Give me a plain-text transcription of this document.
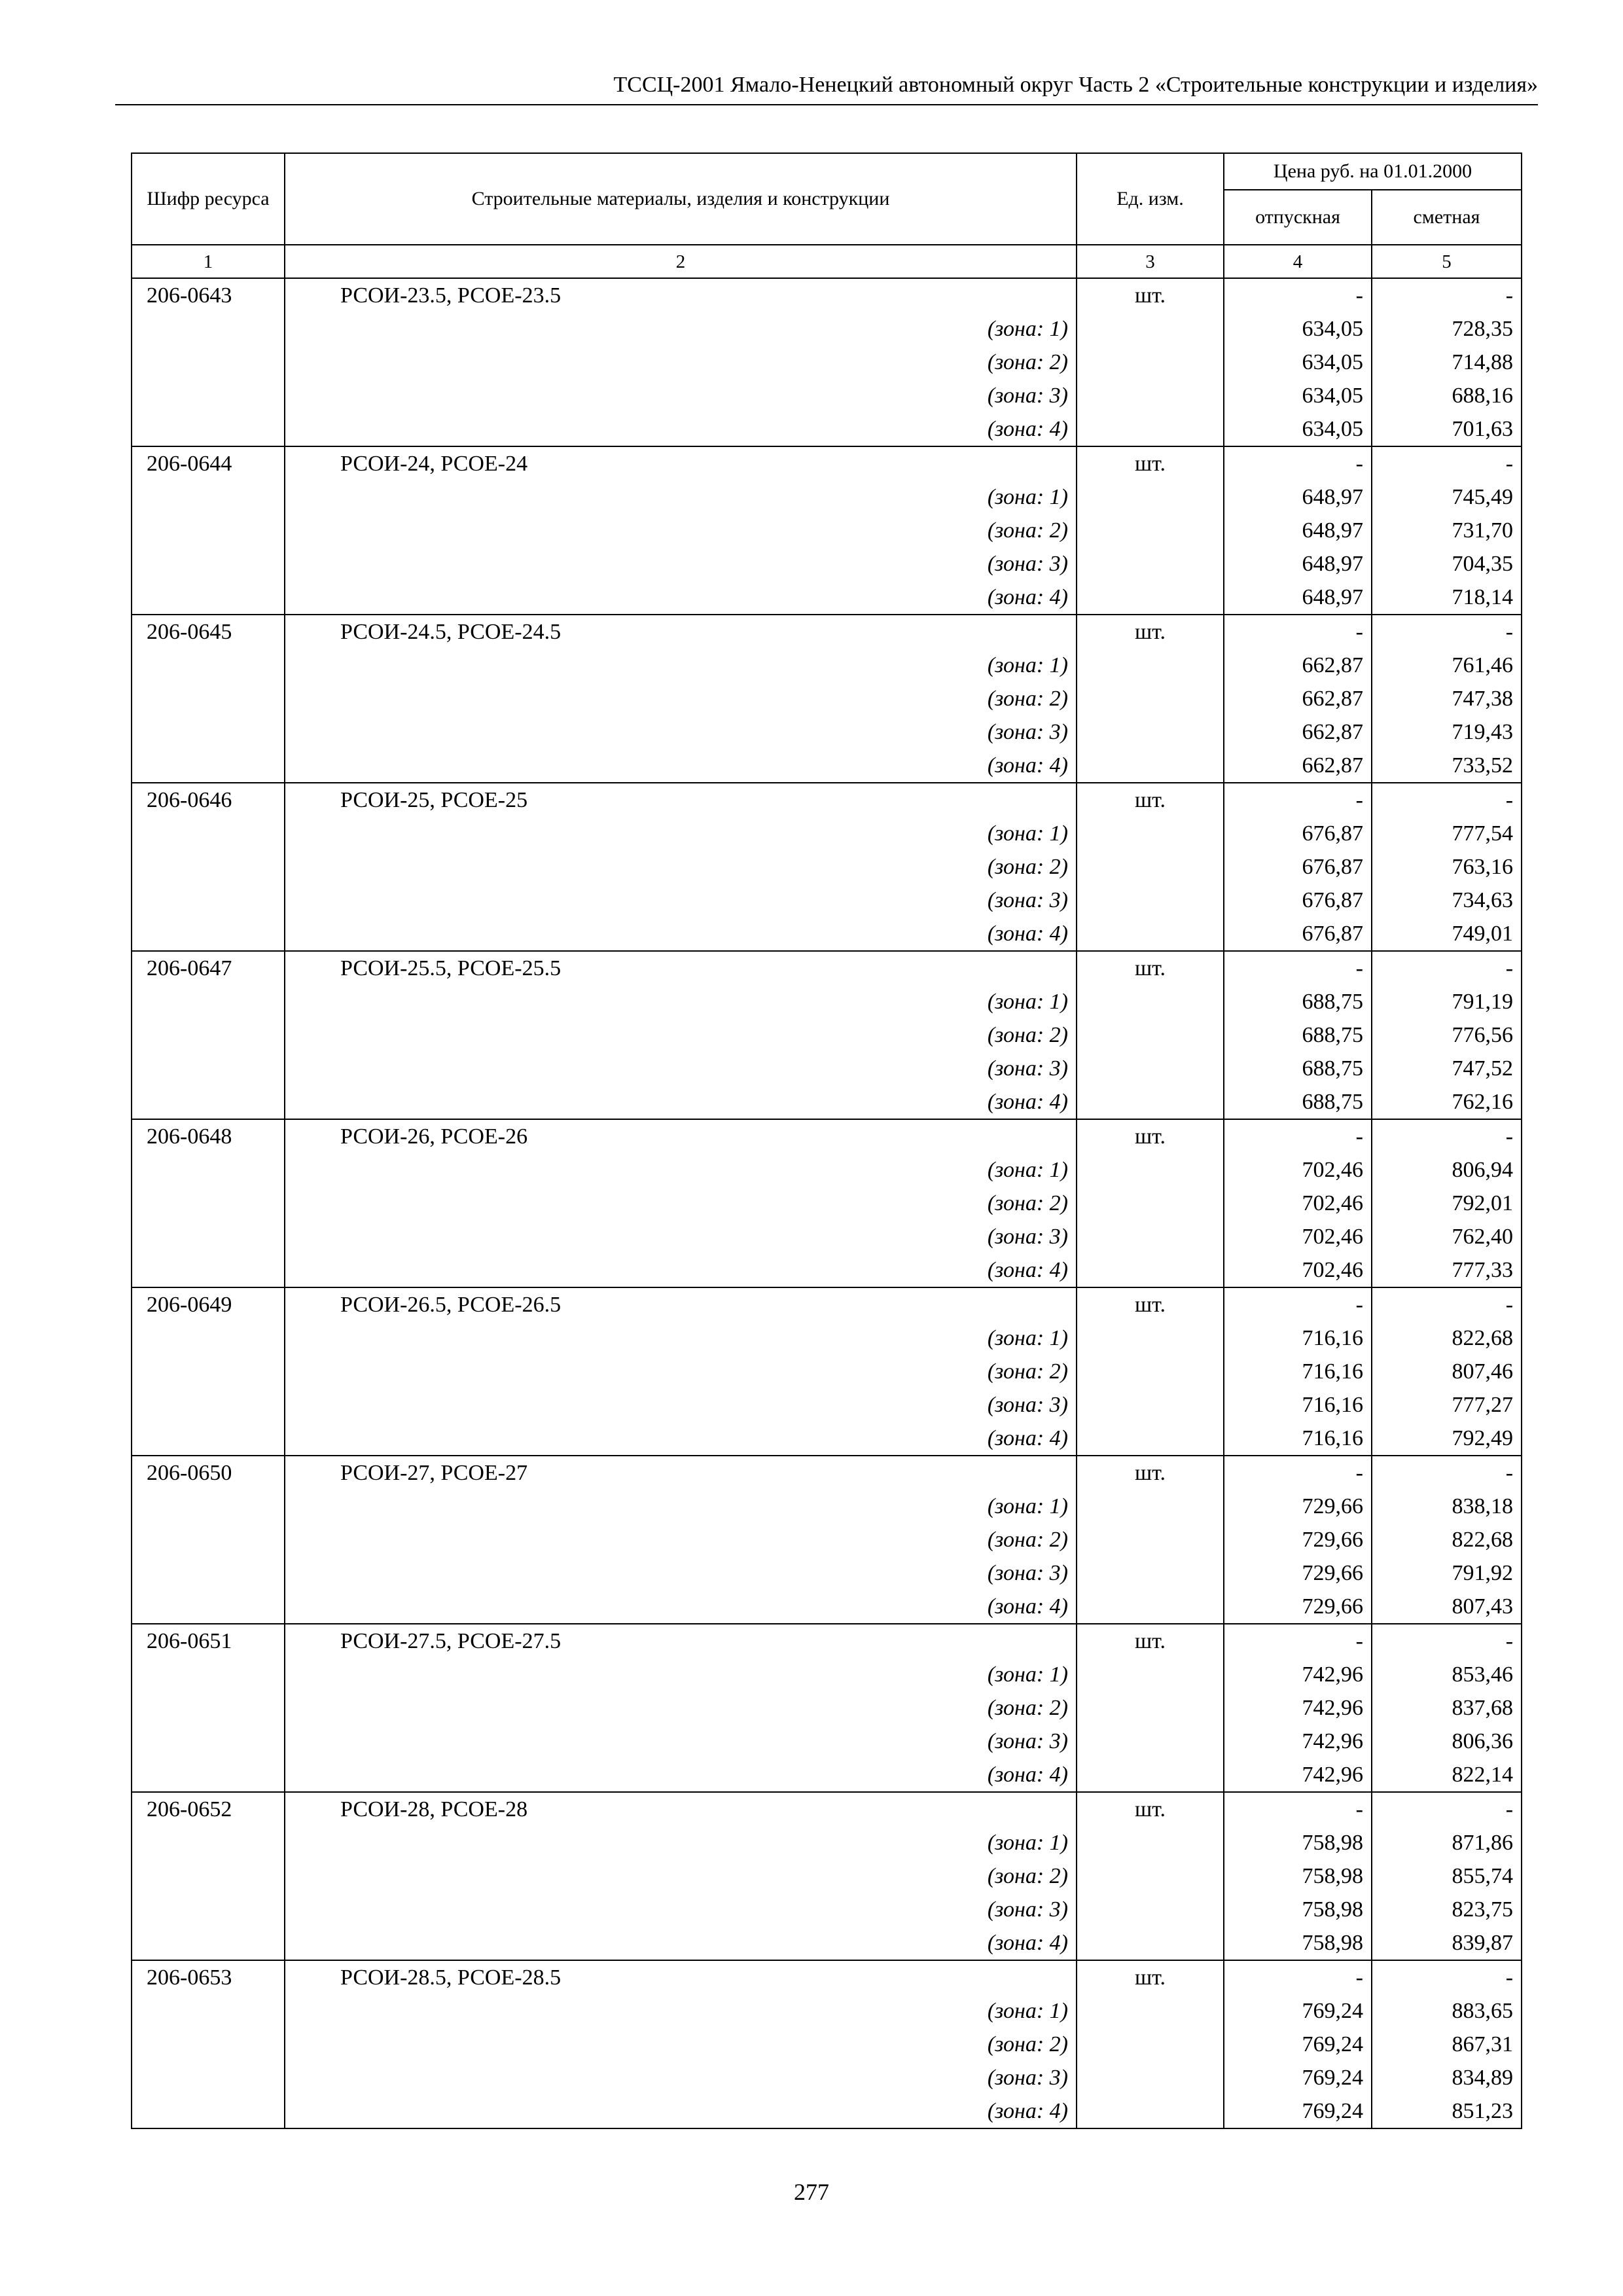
ТССЦ-2001 Ямало-Ненецкий автономный округ Часть 2 «Строительные конструкции и изделия»
Шифр ресурса	Строительные материалы, изделия и конструкции	Ед. изм.	Цена руб. на 01.01.2000	
			отпускная	сметная
1	2	3	4	5
206-0643	РСОИ-23.5, РСОЕ-23.5	шт.	-	-
	(зона: 1)		634,05	728,35
	(зона: 2)		634,05	714,88
	(зона: 3)		634,05	688,16
	(зона: 4)		634,05	701,63
206-0644	РСОИ-24, РСОЕ-24	шт.	-	-
	(зона: 1)		648,97	745,49
	(зона: 2)		648,97	731,70
	(зона: 3)		648,97	704,35
	(зона: 4)		648,97	718,14
206-0645	РСОИ-24.5, РСОЕ-24.5	шт.	-	-
	(зона: 1)		662,87	761,46
	(зона: 2)		662,87	747,38
	(зона: 3)		662,87	719,43
	(зона: 4)		662,87	733,52
206-0646	РСОИ-25, РСОЕ-25	шт.	-	-
	(зона: 1)		676,87	777,54
	(зона: 2)		676,87	763,16
	(зона: 3)		676,87	734,63
	(зона: 4)		676,87	749,01
206-0647	РСОИ-25.5, РСОЕ-25.5	шт.	-	-
	(зона: 1)		688,75	791,19
	(зона: 2)		688,75	776,56
	(зона: 3)		688,75	747,52
	(зона: 4)		688,75	762,16
206-0648	РСОИ-26, РСОЕ-26	шт.	-	-
	(зона: 1)		702,46	806,94
	(зона: 2)		702,46	792,01
	(зона: 3)		702,46	762,40
	(зона: 4)		702,46	777,33
206-0649	РСОИ-26.5, РСОЕ-26.5	шт.	-	-
	(зона: 1)		716,16	822,68
	(зона: 2)		716,16	807,46
	(зона: 3)		716,16	777,27
	(зона: 4)		716,16	792,49
206-0650	РСОИ-27, РСОЕ-27	шт.	-	-
	(зона: 1)		729,66	838,18
	(зона: 2)		729,66	822,68
	(зона: 3)		729,66	791,92
	(зона: 4)		729,66	807,43
206-0651	РСОИ-27.5, РСОЕ-27.5	шт.	-	-
	(зона: 1)		742,96	853,46
	(зона: 2)		742,96	837,68
	(зона: 3)		742,96	806,36
	(зона: 4)		742,96	822,14
206-0652	РСОИ-28, РСОЕ-28	шт.	-	-
	(зона: 1)		758,98	871,86
	(зона: 2)		758,98	855,74
	(зона: 3)		758,98	823,75
	(зона: 4)		758,98	839,87
206-0653	РСОИ-28.5, РСОЕ-28.5	шт.	-	-
	(зона: 1)		769,24	883,65
	(зона: 2)		769,24	867,31
	(зона: 3)		769,24	834,89
	(зона: 4)		769,24	851,23
277
